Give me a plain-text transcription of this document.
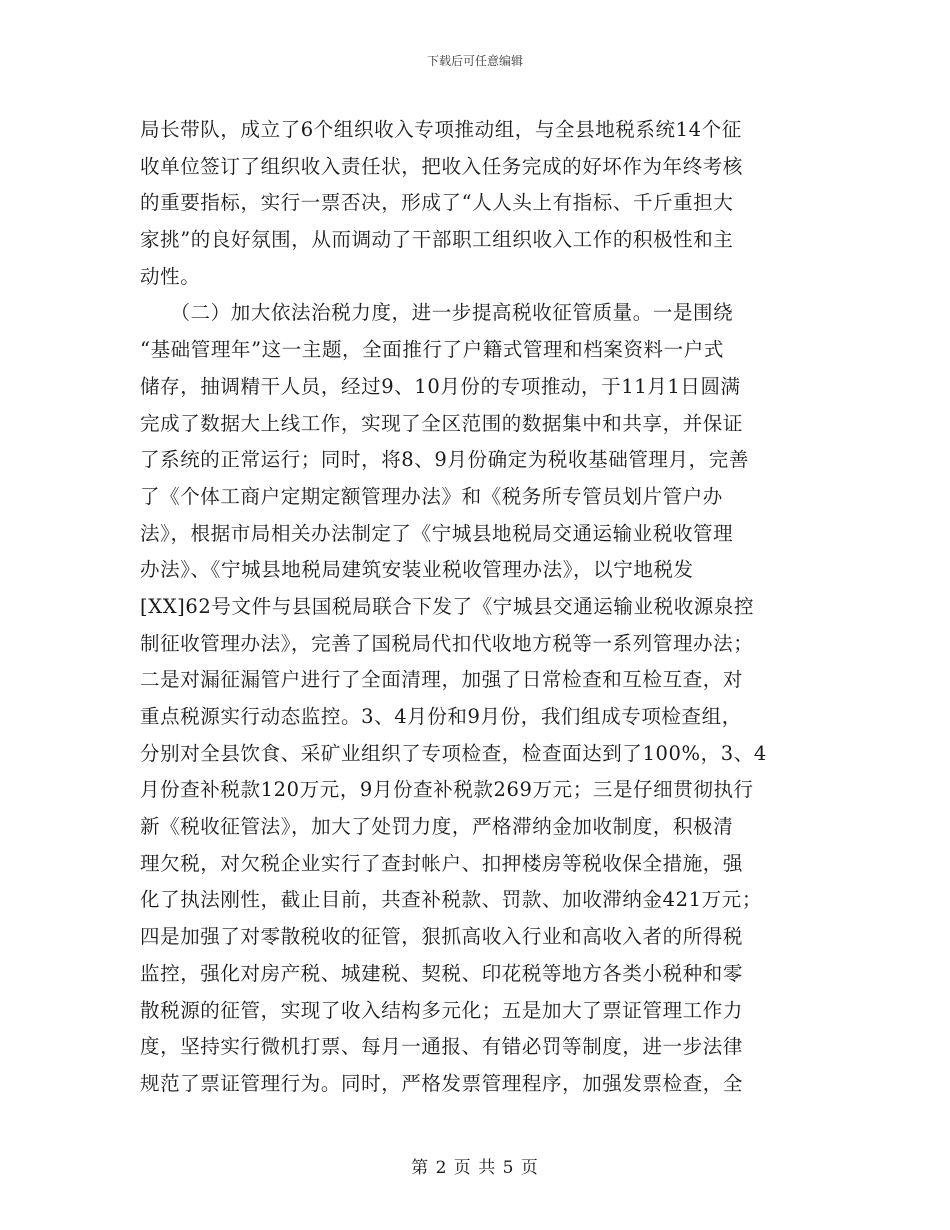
下载后可任意编辑
局长带队，成立了6个组织收入专项推动组，与全县地税系统14个征
收单位签订了组织收入责任状，把收入任务完成的好坏作为年终考核
的重要指标，实行一票否决，形成了“人人头上有指标、千斤重担大
家挑”的良好氛围，从而调动了干部职工组织收入工作的积极性和主
动性。
　　（二）加大依法治税力度，进一步提高税收征管质量。一是围绕
“基础管理年”这一主题，全面推行了户籍式管理和档案资料一户式
储存，抽调精干人员，经过9、10月份的专项推动，于11月1日圆满
完成了数据大上线工作，实现了全区范围的数据集中和共享，并保证
了系统的正常运行；同时，将8、9月份确定为税收基础管理月，完善
了《个体工商户定期定额管理办法》和《税务所专管员划片管户办
法》，根据市局相关办法制定了《宁城县地税局交通运输业税收管理
办法》、《宁城县地税局建筑安装业税收管理办法》，以宁地税发
[XX]62号文件与县国税局联合下发了《宁城县交通运输业税收源泉控
制征收管理办法》，完善了国税局代扣代收地方税等一系列管理办法；
二是对漏征漏管户进行了全面清理，加强了日常检查和互检互查，对
重点税源实行动态监控。3、4月份和9月份，我们组成专项检查组，
分别对全县饮食、采矿业组织了专项检查，检查面达到了100%，3、4
月份查补税款120万元，9月份查补税款269万元；三是仔细贯彻执行
新《税收征管法》，加大了处罚力度，严格滞纳金加收制度，积极清
理欠税，对欠税企业实行了查封帐户、扣押楼房等税收保全措施，强
化了执法刚性，截止目前，共查补税款、罚款、加收滞纳金421万元；
四是加强了对零散税收的征管，狠抓高收入行业和高收入者的所得税
监控，强化对房产税、城建税、契税、印花税等地方各类小税种和零
散税源的征管，实现了收入结构多元化；五是加大了票证管理工作力
度，坚持实行微机打票、每月一通报、有错必罚等制度，进一步法律
规范了票证管理行为。同时，严格发票管理程序，加强发票检查，全
第 2 页 共 5 页
